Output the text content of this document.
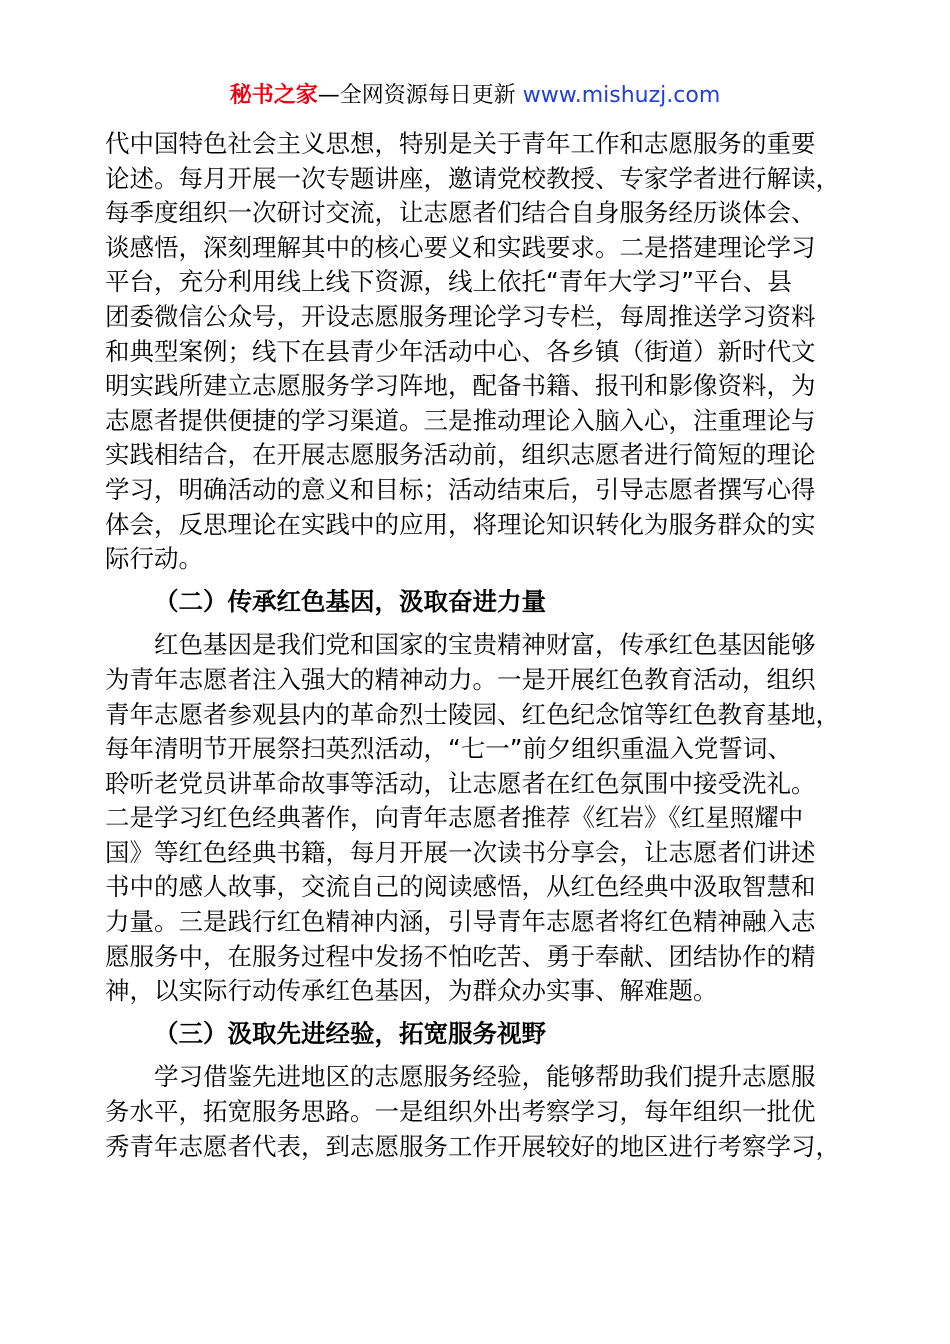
秘书之家—全网资源每日更新 www.mishuzj.com
代中国特色社会主义思想，特别是关于青年工作和志愿服务的重要
论述。每月开展一次专题讲座，邀请党校教授、专家学者进行解读，
每季度组织一次研讨交流，让志愿者们结合自身服务经历谈体会、
谈感悟，深刻理解其中的核心要义和实践要求。二是搭建理论学习
平台，充分利用线上线下资源，线上依托“青年大学习”平台、县
团委微信公众号，开设志愿服务理论学习专栏，每周推送学习资料
和典型案例；线下在县青少年活动中心、各乡镇（街道）新时代文
明实践所建立志愿服务学习阵地，配备书籍、报刊和影像资料，为
志愿者提供便捷的学习渠道。三是推动理论入脑入心，注重理论与
实践相结合，在开展志愿服务活动前，组织志愿者进行简短的理论
学习，明确活动的意义和目标；活动结束后，引导志愿者撰写心得
体会，反思理论在实践中的应用，将理论知识转化为服务群众的实
际行动。
（二）传承红色基因，汲取奋进力量
红色基因是我们党和国家的宝贵精神财富，传承红色基因能够
为青年志愿者注入强大的精神动力。一是开展红色教育活动，组织
青年志愿者参观县内的革命烈士陵园、红色纪念馆等红色教育基地，
每年清明节开展祭扫英烈活动，“七一”前夕组织重温入党誓词、
聆听老党员讲革命故事等活动，让志愿者在红色氛围中接受洗礼。
二是学习红色经典著作，向青年志愿者推荐《红岩》《红星照耀中
国》等红色经典书籍，每月开展一次读书分享会，让志愿者们讲述
书中的感人故事，交流自己的阅读感悟，从红色经典中汲取智慧和
力量。三是践行红色精神内涵，引导青年志愿者将红色精神融入志
愿服务中，在服务过程中发扬不怕吃苦、勇于奉献、团结协作的精
神，以实际行动传承红色基因，为群众办实事、解难题。
（三）汲取先进经验，拓宽服务视野
学习借鉴先进地区的志愿服务经验，能够帮助我们提升志愿服
务水平，拓宽服务思路。一是组织外出考察学习，每年组织一批优
秀青年志愿者代表，到志愿服务工作开展较好的地区进行考察学习，
